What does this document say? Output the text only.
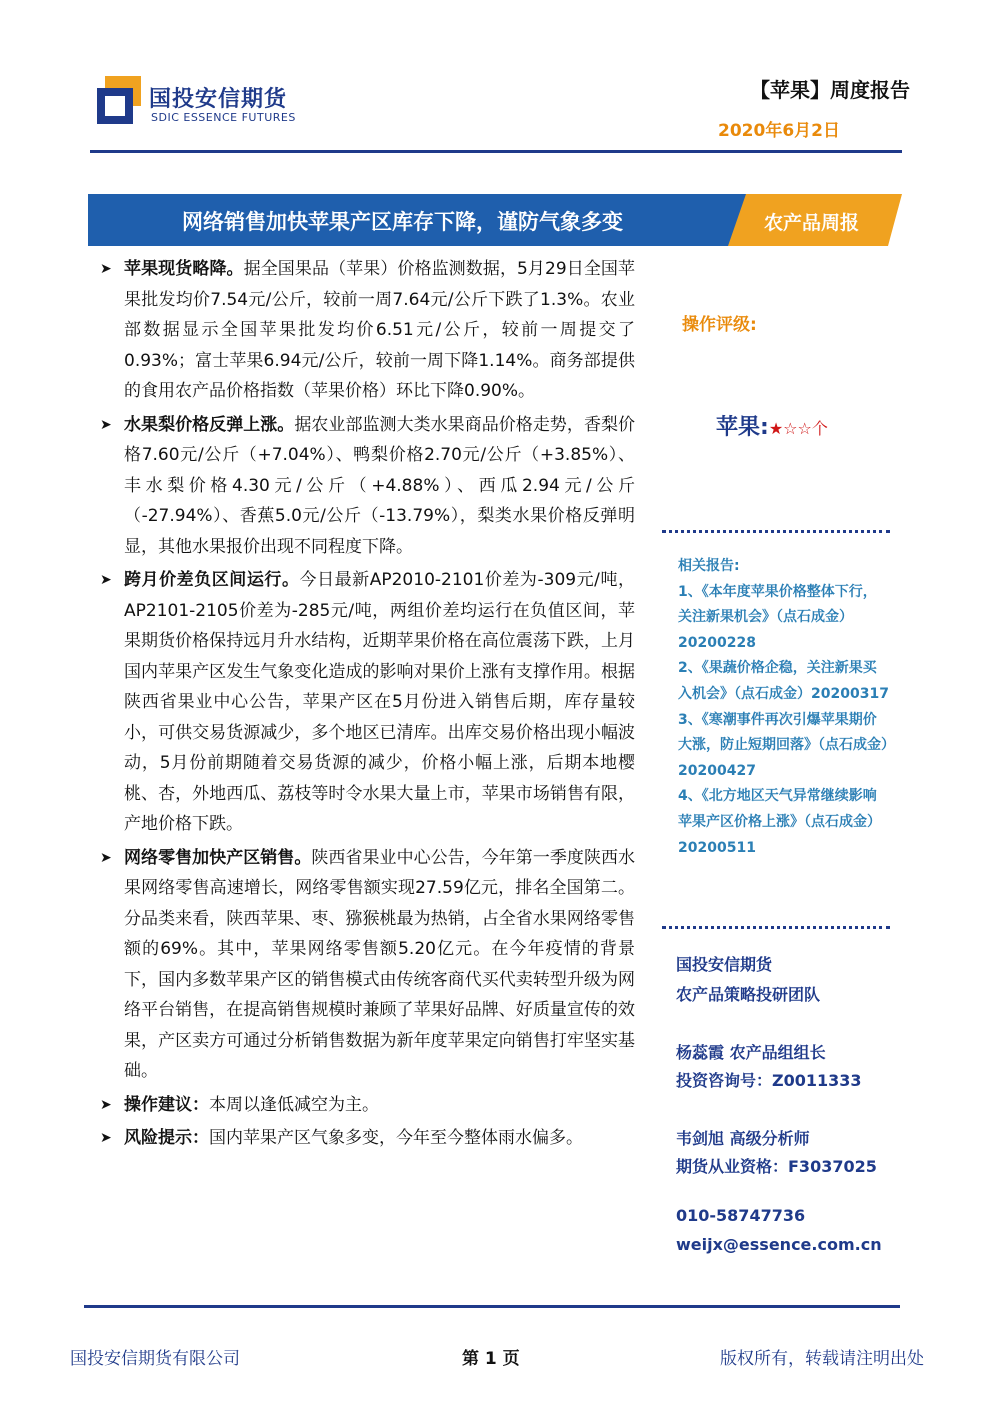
国投安信期货
SDIC ESSENCE FUTURES
【苹果】周度报告
2020年6月2日
网络销售加快苹果产区库存下降，谨防气象多变	农产品周报
➤ 苹果现货略降。据全国果品（苹果）价格监测数据，5月29日全国苹果批发均价7.54元/公斤，较前一周7.64元/公斤下跌了1.3%。农业部数据显示全国苹果批发均价6.51元/公斤，较前一周提交了0.93%；富士苹果6.94元/公斤，较前一周下降1.14%。商务部提供的食用农产品价格指数（苹果价格）环比下降0.90%。
➤ 水果梨价格反弹上涨。据农业部监测大类水果商品价格走势，香梨价格7.60元/公斤（+7.04%）、鸭梨价格2.70元/公斤（+3.85%）、丰水梨价格4.30元/公斤（+4.88%）、西瓜2.94元/公斤（-27.94%）、香蕉5.0元/公斤（-13.79%），梨类水果价格反弹明显，其他水果报价出现不同程度下降。
➤ 跨月价差负区间运行。今日最新AP2010-2101价差为-309元/吨，AP2101-2105价差为-285元/吨，两组价差均运行在负值区间，苹果期货价格保持远月升水结构，近期苹果价格在高位震荡下跌，上月国内苹果产区发生气象变化造成的影响对果价上涨有支撑作用。根据陕西省果业中心公告，苹果产区在5月份进入销售后期，库存量较小，可供交易货源减少，多个地区已清库。出库交易价格出现小幅波动，5月份前期随着交易货源的减少，价格小幅上涨，后期本地樱桃、杏，外地西瓜、荔枝等时令水果大量上市，苹果市场销售有限，产地价格下跌。
➤ 网络零售加快产区销售。陕西省果业中心公告，今年第一季度陕西水果网络零售高速增长，网络零售额实现27.59亿元，排名全国第二。分品类来看，陕西苹果、枣、猕猴桃最为热销，占全省水果网络零售额的69%。其中，苹果网络零售额5.20亿元。在今年疫情的背景下，国内多数苹果产区的销售模式由传统客商代买代卖转型升级为网络平台销售，在提高销售规模时兼顾了苹果好品牌、好质量宣传的效果，产区卖方可通过分析销售数据为新年度苹果定向销售打牢坚实基础。
➤ 操作建议：本周以逢低减空为主。
➤ 风险提示：国内苹果产区气象多变，今年至今整体雨水偏多。
操作评级:
苹果:★☆☆个
相关报告:
1、《本年度苹果价格整体下行，关注新果机会》（点石成金）20200228
2、《果蔬价格企稳，关注新果买入机会》（点石成金）20200317
3、《寒潮事件再次引爆苹果期价大涨，防止短期回落》（点石成金）20200427
4、《北方地区天气异常继续影响苹果产区价格上涨》（点石成金）20200511
国投安信期货
农产品策略投研团队
杨蕊霞 农产品组组长
投资咨询号：Z0011333
韦剑旭 高级分析师
期货从业资格：F3037025
010-58747736
weijx@essence.com.cn
国投安信期货有限公司	第 1 页	版权所有，转载请注明出处
